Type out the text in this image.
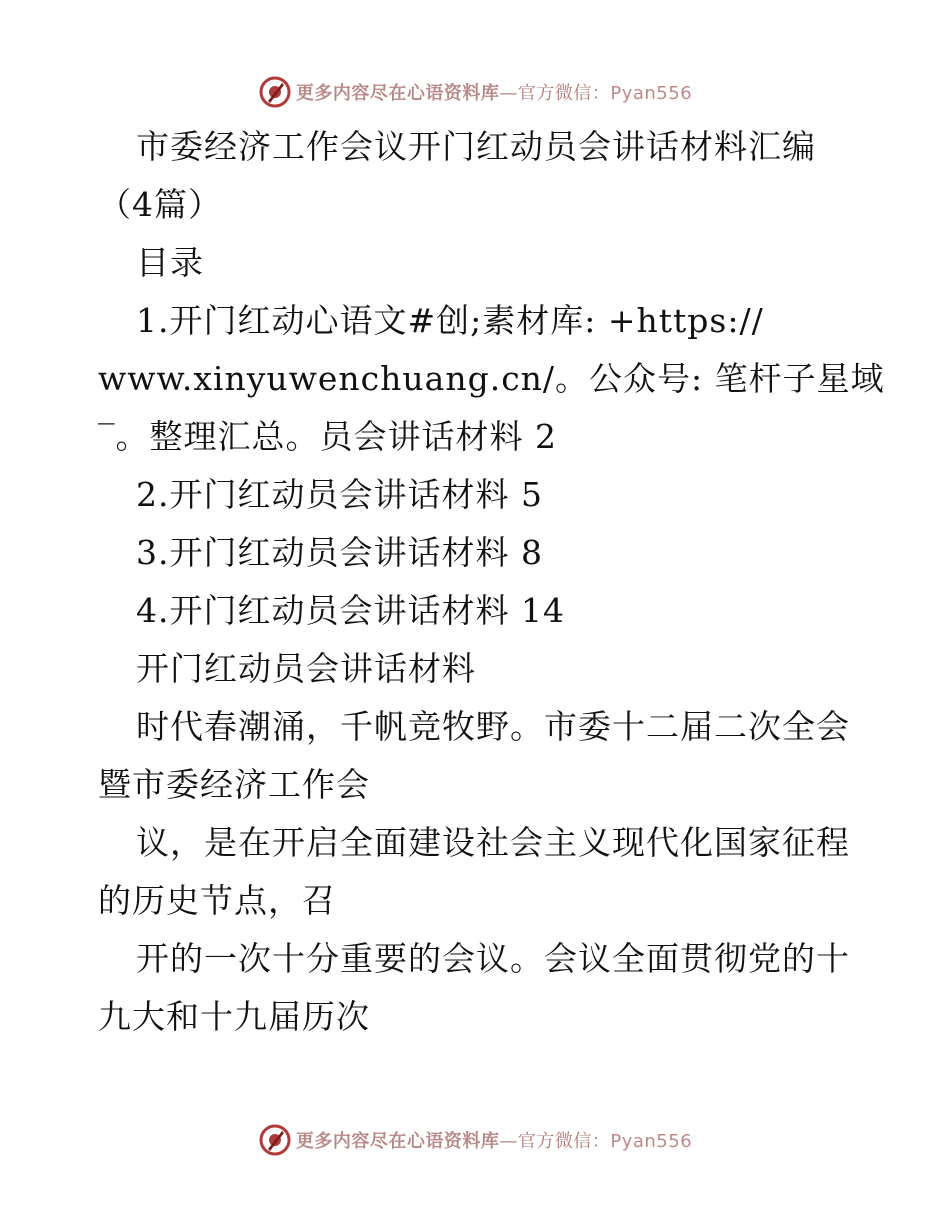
更多内容尽在心语资料库—官方微信：Pyan556
市委经济工作会议开门红动员会讲话材料汇编
（4篇）
目录
1.开门红动心语文#创;素材库: +https://
www.xinyuwenchuang.cn/。公众号: 笔杆子星域
‾。整理汇总。员会讲话材料 2
2.开门红动员会讲话材料 5
3.开门红动员会讲话材料 8
4.开门红动员会讲话材料 14
开门红动员会讲话材料
时代春潮涌，千帆竞牧野。市委十二届二次全会
暨市委经济工作会
议，是在开启全面建设社会主义现代化国家征程
的历史节点，召
开的一次十分重要的会议。会议全面贯彻党的十
九大和十九届历次
更多内容尽在心语资料库—官方微信：Pyan556
